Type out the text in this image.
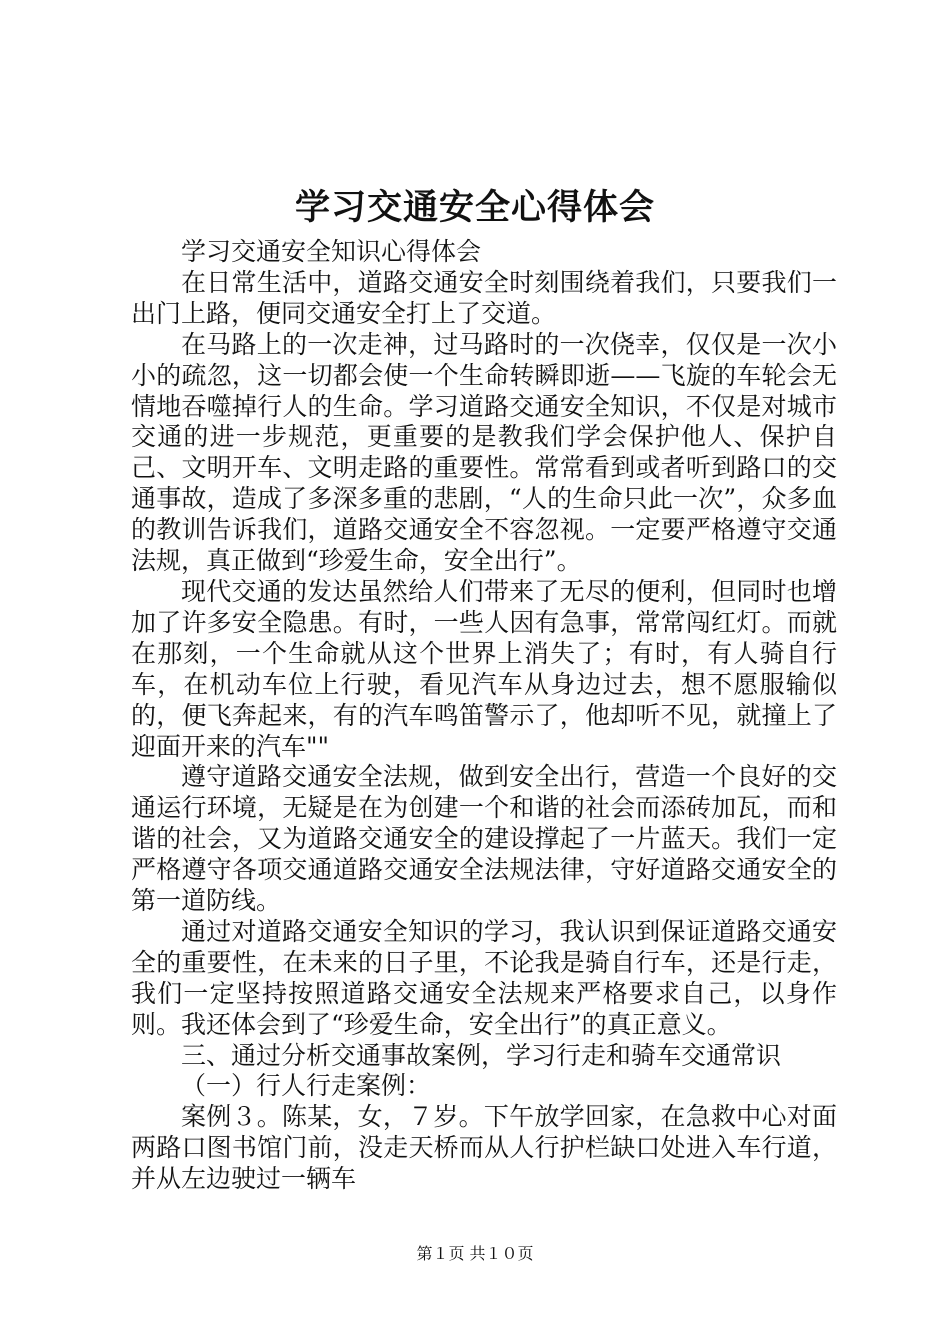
学习交通安全心得体会

学习交通安全知识心得体会

在日常生活中，道路交通安全时刻围绕着我们，只要我们一出门上路，便同交通安全打上了交道。

在马路上的一次走神，过马路时的一次侥幸，仅仅是一次小小的疏忽，这一切都会使一个生命转瞬即逝——飞旋的车轮会无情地吞噬掉行人的生命。学习道路交通安全知识，不仅是对城市交通的进一步规范，更重要的是教我们学会保护他人、保护自己、文明开车、文明走路的重要性。常常看到或者听到路口的交通事故，造成了多深多重的悲剧，“人的生命只此一次”，众多血的教训告诉我们，道路交通安全不容忽视。一定要严格遵守交通法规，真正做到“珍爱生命，安全出行”。

现代交通的发达虽然给人们带来了无尽的便利，但同时也增加了许多安全隐患。有时，一些人因有急事，常常闯红灯。而就在那刻，一个生命就从这个世界上消失了；有时，有人骑自行车，在机动车位上行驶，看见汽车从身边过去，想不愿服输似的，便飞奔起来，有的汽车鸣笛警示了，他却听不见，就撞上了迎面开来的汽车""

遵守道路交通安全法规，做到安全出行，营造一个良好的交通运行环境，无疑是在为创建一个和谐的社会而添砖加瓦，而和谐的社会，又为道路交通安全的建设撑起了一片蓝天。我们一定严格遵守各项交通道路交通安全法规法律，守好道路交通安全的第一道防线。

通过对道路交通安全知识的学习，我认识到保证道路交通安全的重要性，在未来的日子里，不论我是骑自行车，还是行走，我们一定坚持按照道路交通安全法规来严格要求自己，以身作则。我还体会到了“珍爱生命，安全出行”的真正意义。

三、通过分析交通事故案例，学习行走和骑车交通常识

（一）行人行走案例：

案例３。陈某，女，７岁。下午放学回家，在急救中心对面两路口图书馆门前，没走天桥而从人行护栏缺口处进入车行道，并从左边驶过一辆车

第１页 共１０页
